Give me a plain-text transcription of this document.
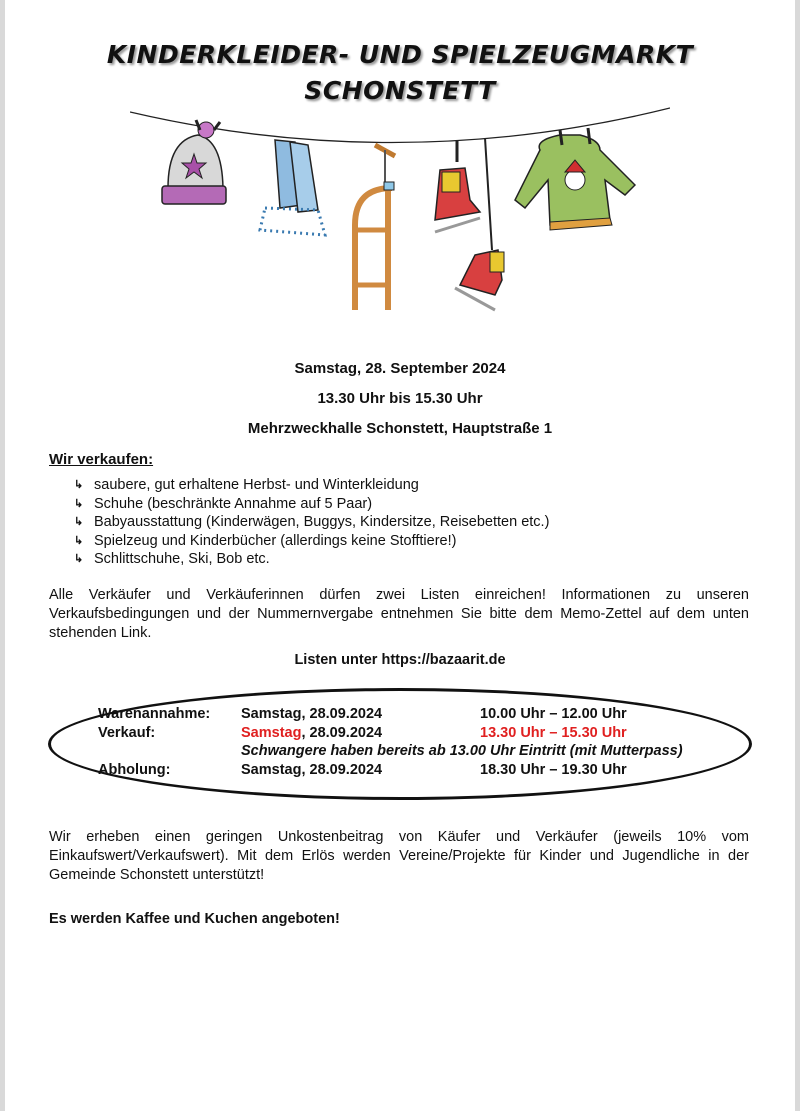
KINDERKLEIDER- UND SPIELZEUGMARKT
SCHONSTETT
Samstag, 28. September 2024
13.30 Uhr bis 15.30 Uhr
Mehrzweckhalle Schonstett, Hauptstraße 1
Wir verkaufen:
↳ saubere, gut erhaltene Herbst- und Winterkleidung
↳ Schuhe (beschränkte Annahme auf 5 Paar)
↳ Babyausstattung (Kinderwägen, Buggys, Kindersitze, Reisebetten etc.)
↳ Spielzeug und Kinderbücher (allerdings keine Stofftiere!)
↳ Schlittschuhe, Ski, Bob etc.
Alle Verkäufer und Verkäuferinnen dürfen zwei Listen einreichen! Informationen zu unseren Verkaufsbedingungen und der Nummernvergabe entnehmen Sie bitte dem Memo-Zettel auf dem unten stehenden Link.
Listen unter https://bazaarit.de
Warenannahme: Samstag, 28.09.2024	10.00 Uhr – 12.00 Uhr
Verkauf:	Samstag, 28.09.2024	13.30 Uhr – 15.30 Uhr
Schwangere haben bereits ab 13.00 Uhr Eintritt (mit Mutterpass)
Abholung:	Samstag, 28.09.2024	18.30 Uhr – 19.30 Uhr
Wir erheben einen geringen Unkostenbeitrag von Käufer und Verkäufer (jeweils 10% vom Einkaufswert/Verkaufswert). Mit dem Erlös werden Vereine/Projekte für Kinder und Jugendliche in der Gemeinde Schonstett unterstützt!
Es werden Kaffee und Kuchen angeboten!
